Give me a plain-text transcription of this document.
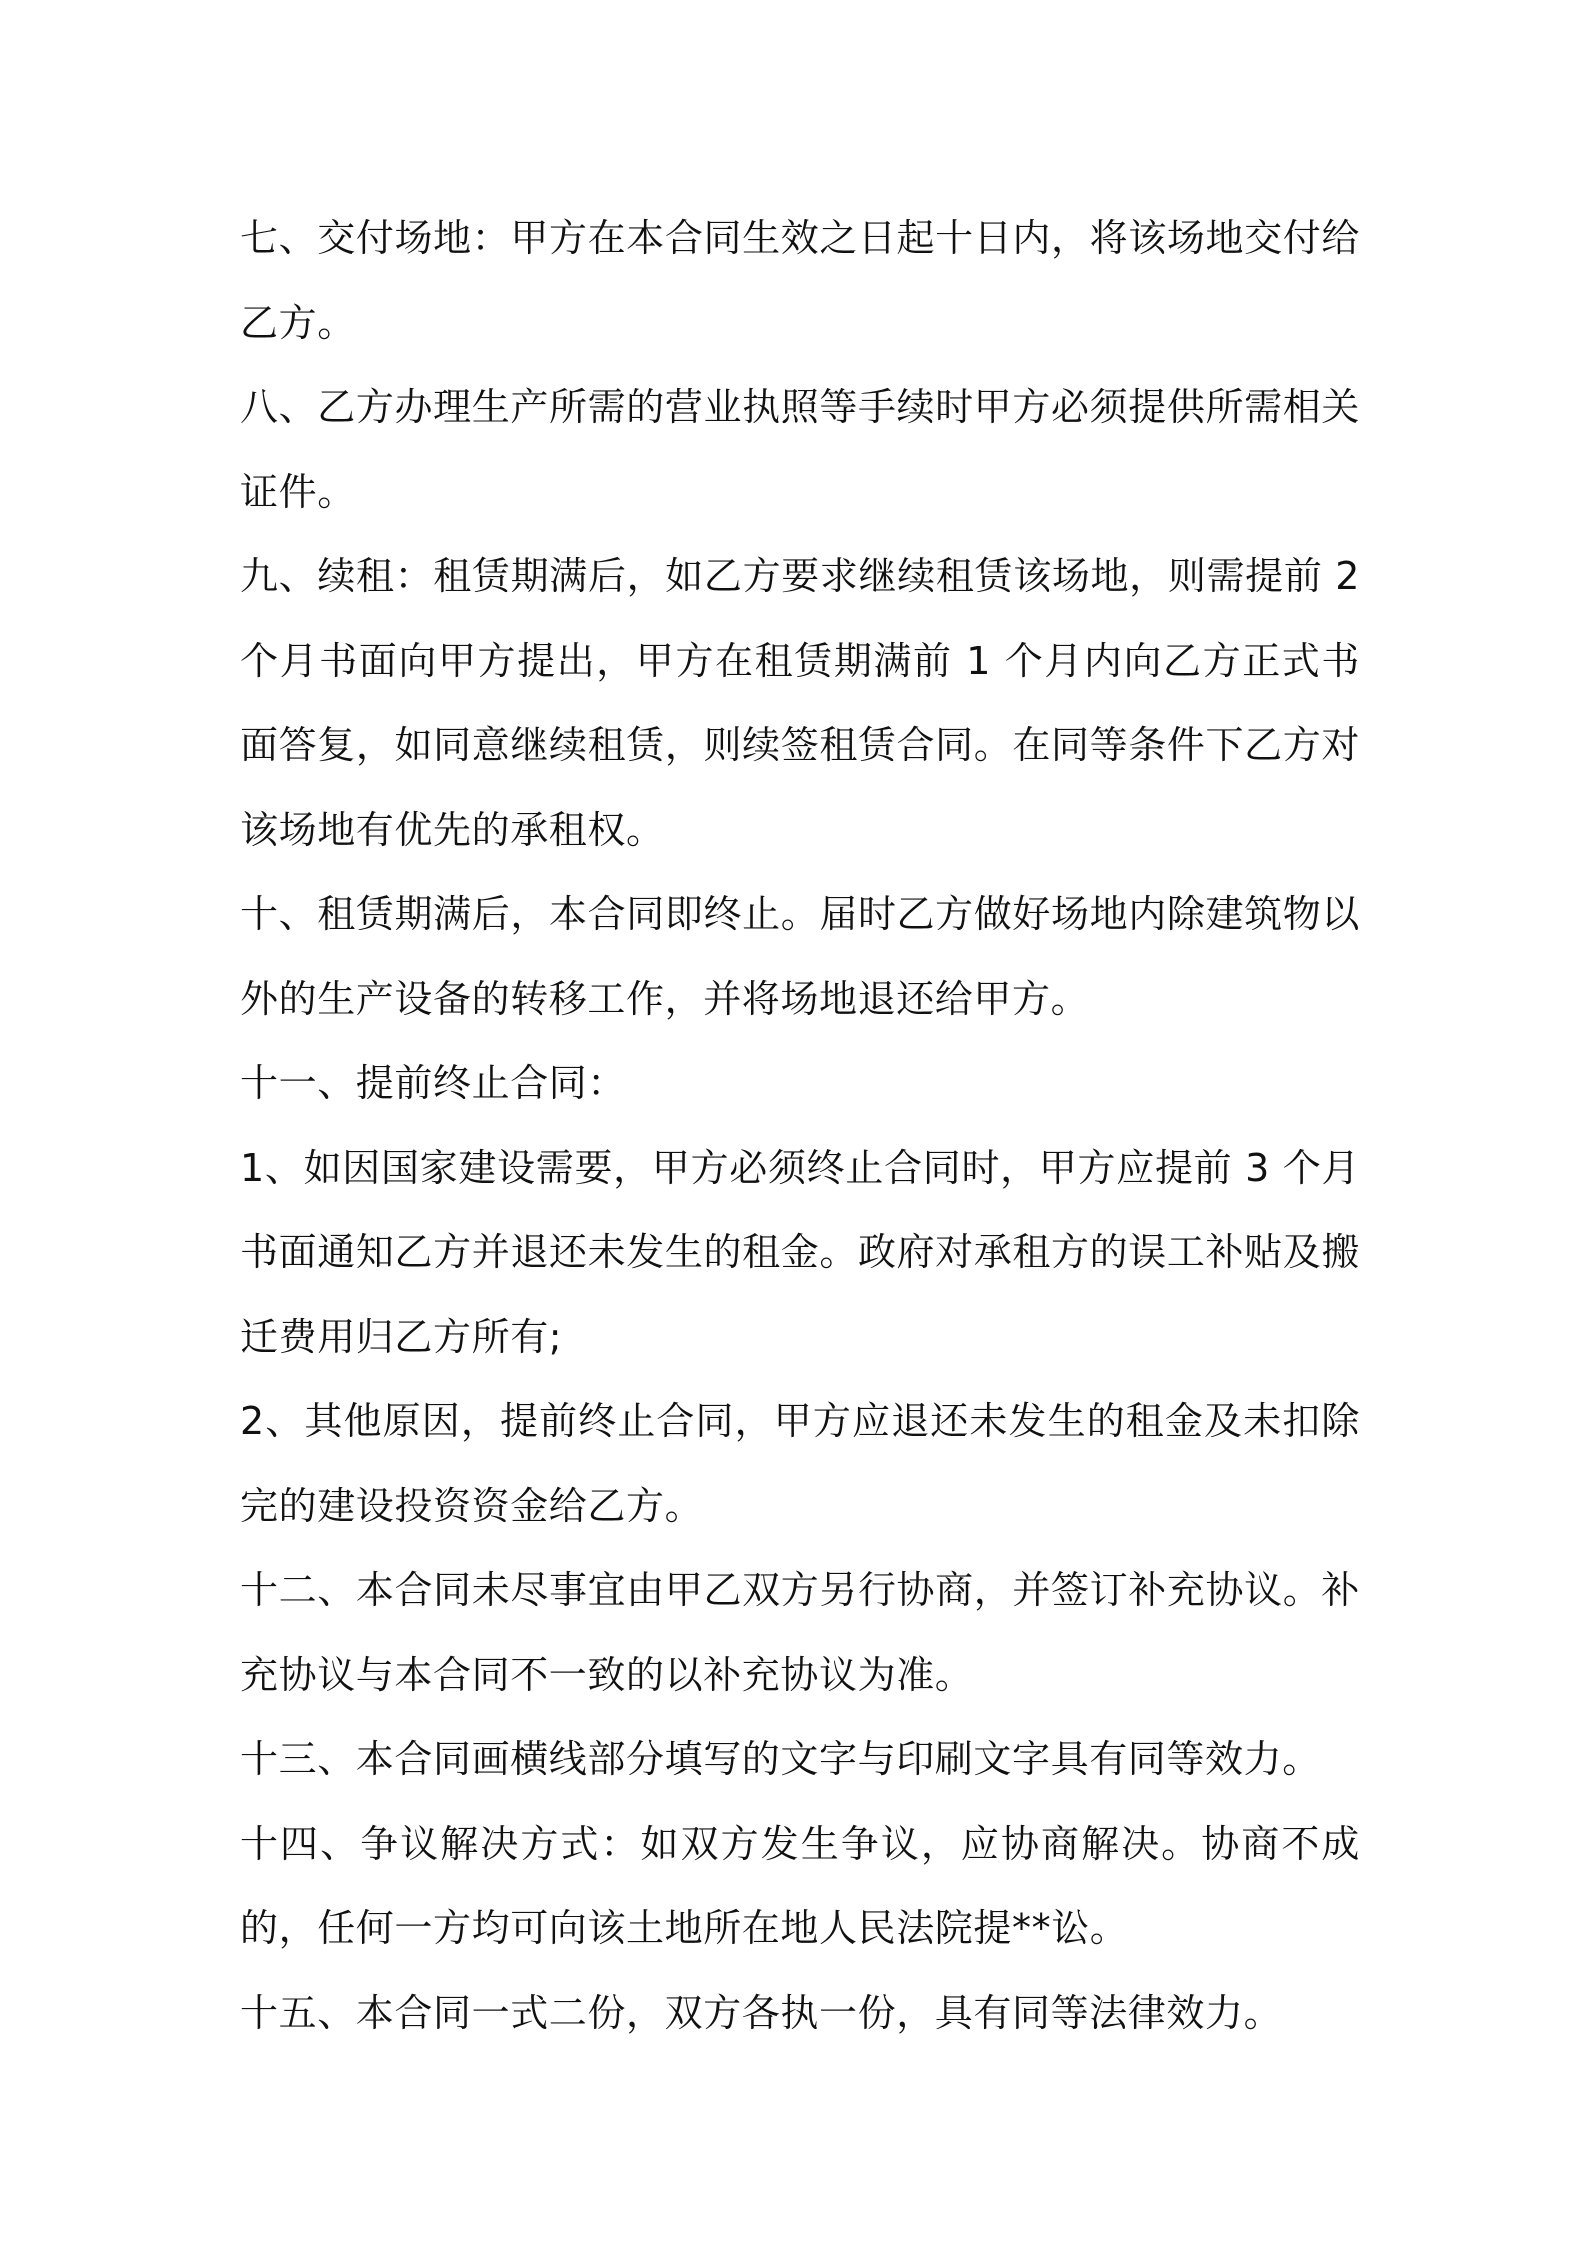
七、交付场地：甲方在本合同生效之日起十日内，将该场地交付给乙方。

八、乙方办理生产所需的营业执照等手续时甲方必须提供所需相关证件。

九、续租：租赁期满后，如乙方要求继续租赁该场地，则需提前 2 个月书面向甲方提出，甲方在租赁期满前 1 个月内向乙方正式书面答复，如同意继续租赁，则续签租赁合同。在同等条件下乙方对该场地有优先的承租权。

十、租赁期满后，本合同即终止。届时乙方做好场地内除建筑物以外的生产设备的转移工作，并将场地退还给甲方。

十一、提前终止合同：

1、如因国家建设需要，甲方必须终止合同时，甲方应提前 3 个月书面通知乙方并退还未发生的租金。政府对承租方的误工补贴及搬迁费用归乙方所有;

2、其他原因，提前终止合同，甲方应退还未发生的租金及未扣除完的建设投资资金给乙方。

十二、本合同未尽事宜由甲乙双方另行协商，并签订补充协议。补充协议与本合同不一致的以补充协议为准。

十三、本合同画横线部分填写的文字与印刷文字具有同等效力。

十四、争议解决方式：如双方发生争议，应协商解决。协商不成的，任何一方均可向该土地所在地人民法院提**讼。

十五、本合同一式二份，双方各执一份，具有同等法律效力。
